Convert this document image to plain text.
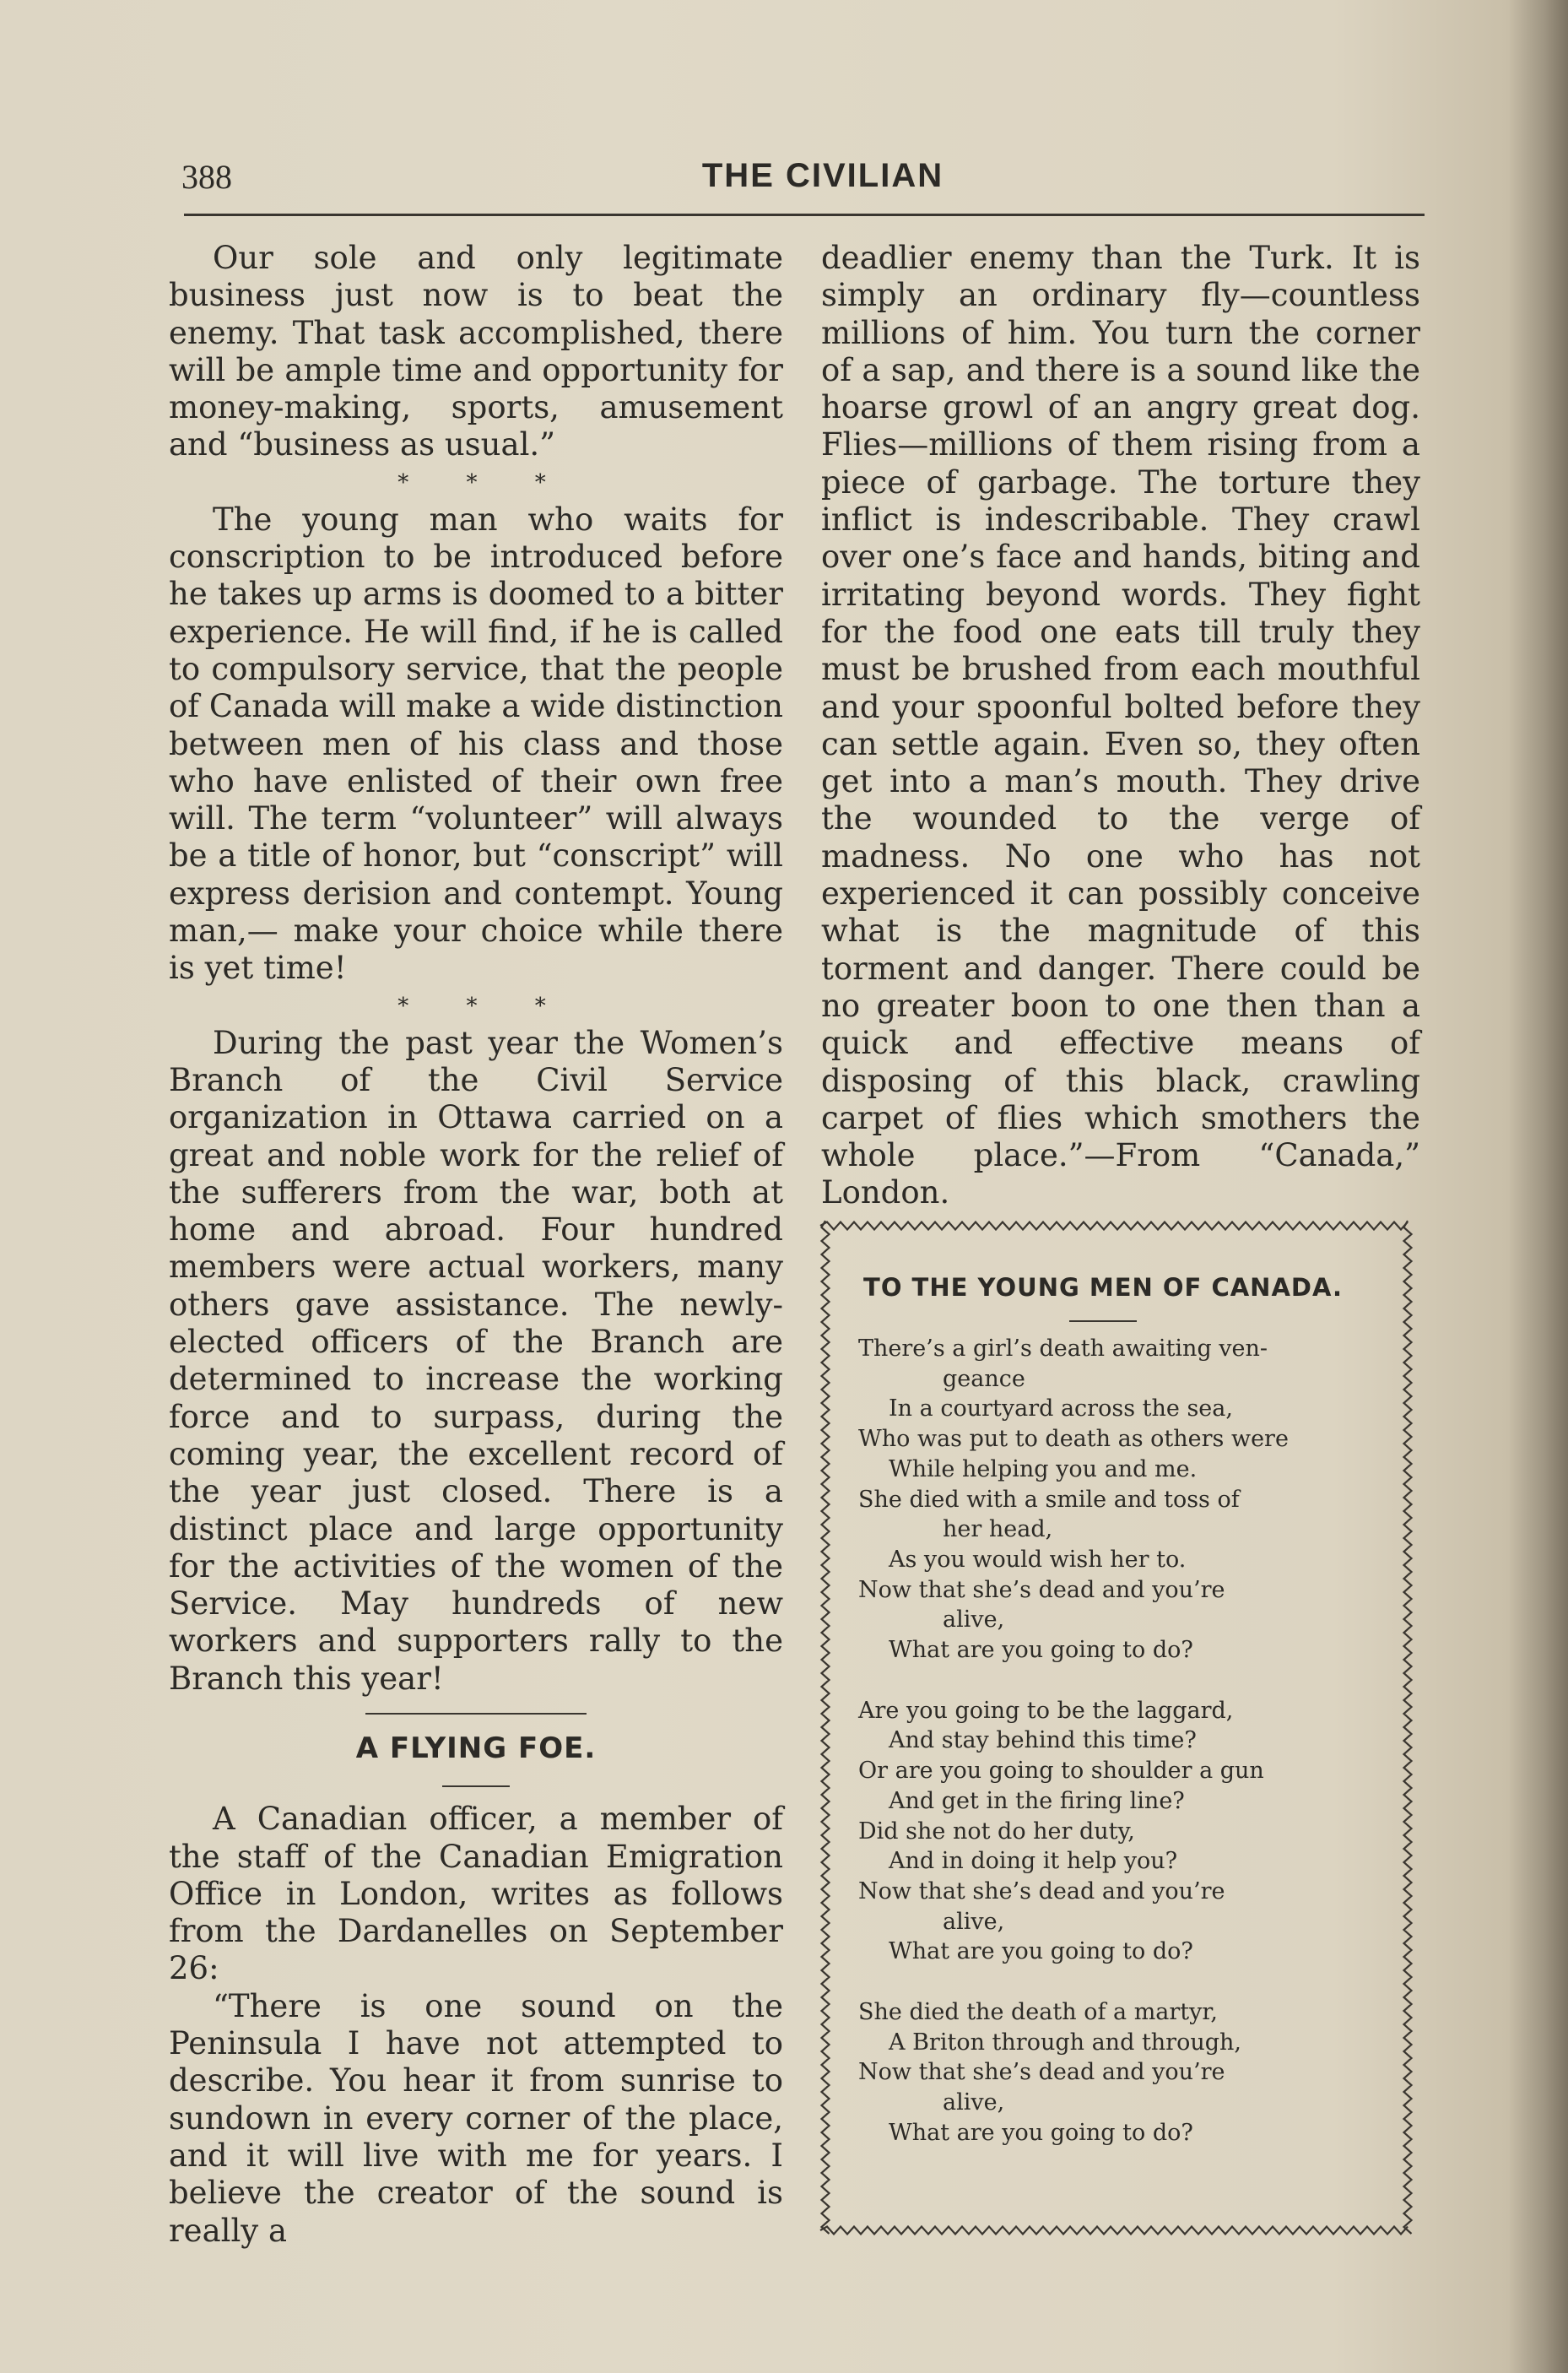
388	THE CIVILIAN

Our sole and only legitimate business just now is to beat the enemy. That task accomplished, there will be ample time and opportunity for money-making, sports, amusement and “business as usual.”

* * *

The young man who waits for conscription to be introduced before he takes up arms is doomed to a bitter experience. He will find, if he is called to compulsory service, that the people of Canada will make a wide distinction between men of his class and those who have enlisted of their own free will. The term “volunteer” will always be a title of honor, but “conscript” will express derision and contempt. Young man,— make your choice while there is yet time!

* * *

During the past year the Women’s Branch of the Civil Service organization in Ottawa carried on a great and noble work for the relief of the sufferers from the war, both at home and abroad. Four hundred members were actual workers, many others gave assistance. The newly-elected officers of the Branch are determined to increase the working force and to surpass, during the coming year, the excellent record of the year just closed. There is a distinct place and large opportunity for the activities of the women of the Service. May hundreds of new workers and supporters rally to the Branch this year!

A FLYING FOE.

A Canadian officer, a member of the staff of the Canadian Emigration Office in London, writes as follows from the Dardanelles on September 26:

“There is one sound on the Peninsula I have not attempted to describe. You hear it from sunrise to sundown in every corner of the place, and it will live with me for years. I believe the creator of the sound is really a

deadlier enemy than the Turk. It is simply an ordinary fly—countless millions of him. You turn the corner of a sap, and there is a sound like the hoarse growl of an angry great dog. Flies—millions of them rising from a piece of garbage. The torture they inflict is indescribable. They crawl over one’s face and hands, biting and irritating beyond words. They fight for the food one eats till truly they must be brushed from each mouthful and your spoonful bolted before they can settle again. Even so, they often get into a man’s mouth. They drive the wounded to the verge of madness. No one who has not experienced it can possibly conceive what is the magnitude of this torment and danger. There could be no greater boon to one then than a quick and effective means of disposing of this black, crawling carpet of flies which smothers the whole place.”—From “Canada,” London.

TO THE YOUNG MEN OF CANADA.
There’s a girl’s death awaiting ven-
geance
In a courtyard across the sea,
Who was put to death as others were
While helping you and me.
She died with a smile and toss of
her head,
As you would wish her to.
Now that she’s dead and you’re
alive,
What are you going to do?
Are you going to be the laggard,
And stay behind this time?
Or are you going to shoulder a gun
And get in the firing line?
Did she not do her duty,
And in doing it help you?
Now that she’s dead and you’re
alive,
What are you going to do?
She died the death of a martyr,
A Briton through and through,
Now that she’s dead and you’re
alive,
What are you going to do?
